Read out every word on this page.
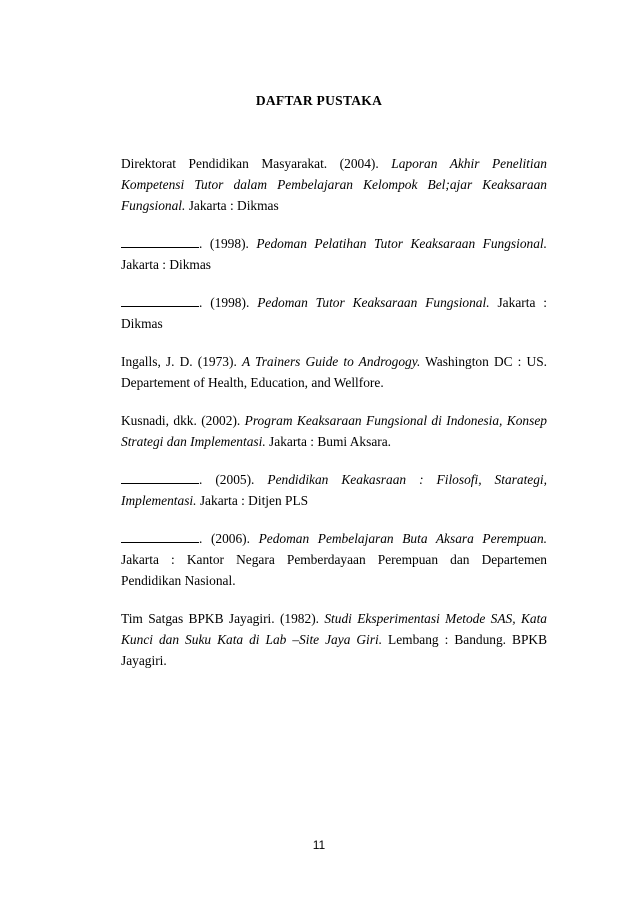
DAFTAR PUSTAKA

Direktorat Pendidikan Masyarakat. (2004). Laporan Akhir Penelitian Kompetensi Tutor dalam Pembelajaran Kelompok Bel;ajar Keaksaraan Fungsional. Jakarta : Dikmas

. (1998). Pedoman Pelatihan Tutor Keaksaraan Fungsional. Jakarta : Dikmas

. (1998). Pedoman Tutor Keaksaraan Fungsional. Jakarta : Dikmas

Ingalls, J. D. (1973). A Trainers Guide to Androgogy. Washington DC : US. Departement of Health, Education, and Wellfore.

Kusnadi, dkk. (2002). Program Keaksaraan Fungsional di Indonesia, Konsep Strategi dan Implementasi. Jakarta : Bumi Aksara.

. (2005). Pendidikan Keakasraan : Filosofi, Starategi, Implementasi. Jakarta : Ditjen PLS

. (2006). Pedoman Pembelajaran Buta Aksara Perempuan. Jakarta : Kantor Negara Pemberdayaan Perempuan dan Departemen Pendidikan Nasional.

Tim Satgas BPKB Jayagiri. (1982). Studi Eksperimentasi Metode SAS, Kata Kunci dan Suku Kata di Lab –Site Jaya Giri. Lembang : Bandung. BPKB Jayagiri.

11
